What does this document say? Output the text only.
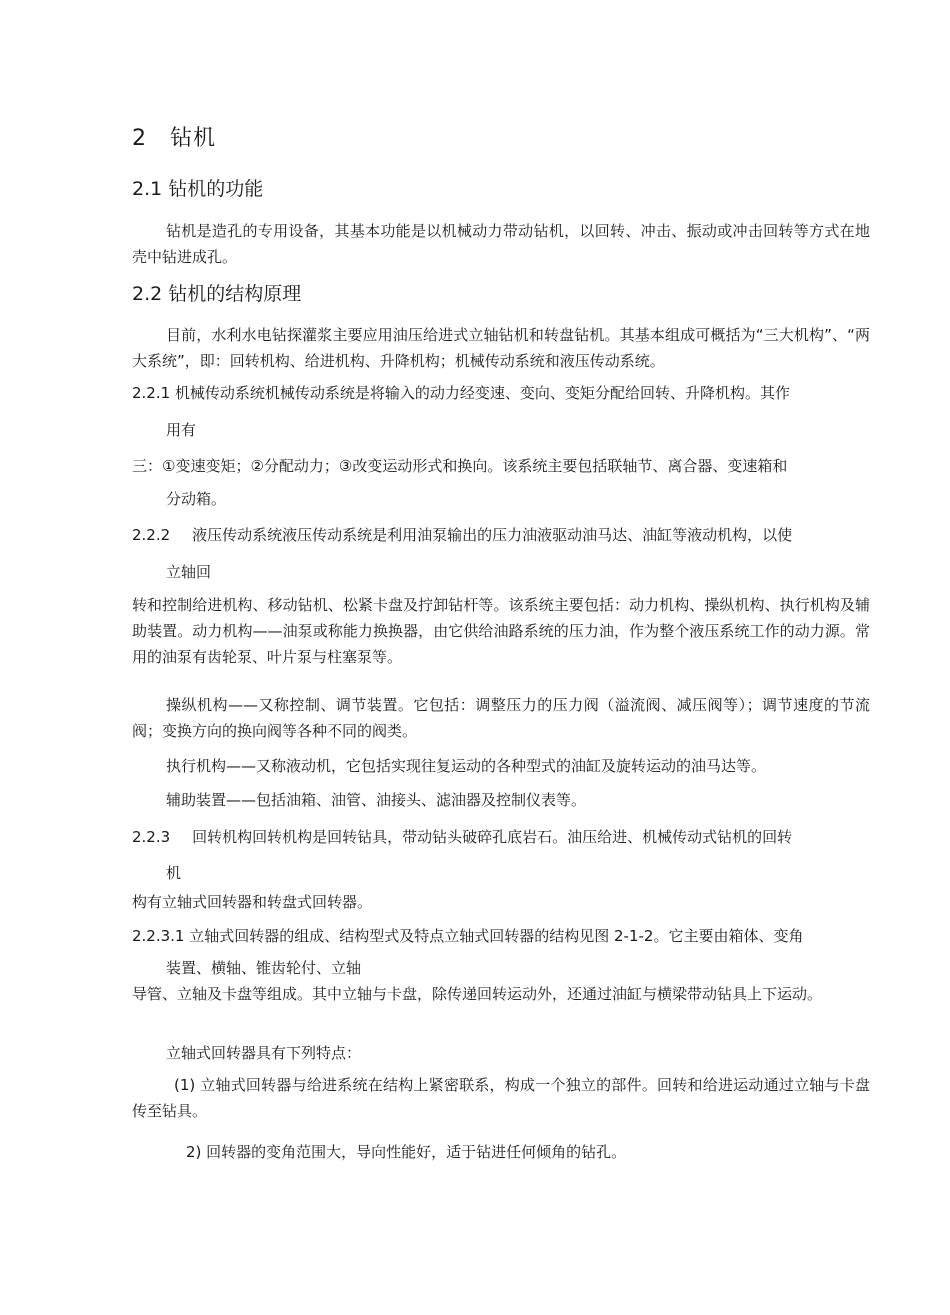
2　钻机
2.1 钻机的功能
钻机是造孔的专用设备，其基本功能是以机械动力带动钻机，以回转、冲击、振动或冲击回转等方式在地壳中钻进成孔。
2.2 钻机的结构原理
目前，水利水电钻探灌浆主要应用油压给进式立轴钻机和转盘钻机。其基本组成可概括为“三大机构”、“两大系统”，即：回转机构、给进机构、升降机构；机械传动系统和液压传动系统。
2.2.1 机械传动系统机械传动系统是将输入的动力经变速、变向、变矩分配给回转、升降机构。其作
用有
三：①变速变矩；②分配动力；③改变运动形式和换向。该系统主要包括联轴节、离合器、变速箱和
分动箱。
2.2.2 液压传动系统液压传动系统是利用油泵输出的压力油液驱动油马达、油缸等液动机构，以使
立轴回
转和控制给进机构、移动钻机、松紧卡盘及拧卸钻杆等。该系统主要包括：动力机构、操纵机构、执行机构及辅助装置。动力机构——油泵或称能力换换器，由它供给油路系统的压力油，作为整个液压系统工作的动力源。常用的油泵有齿轮泵、叶片泵与柱塞泵等。
操纵机构——又称控制、调节装置。它包括：调整压力的压力阀（溢流阀、减压阀等）；调节速度的节流阀；变换方向的换向阀等各种不同的阀类。
执行机构——又称液动机，它包括实现往复运动的各种型式的油缸及旋转运动的油马达等。
辅助装置——包括油箱、油管、油接头、滤油器及控制仪表等。
2.2.3 回转机构回转机构是回转钻具，带动钻头破碎孔底岩石。油压给进、机械传动式钻机的回转
机
构有立轴式回转器和转盘式回转器。
2.2.3.1 立轴式回转器的组成、结构型式及特点立轴式回转器的结构见图 2-1-2。它主要由箱体、变角
装置、横轴、锥齿轮付、立轴
导管、立轴及卡盘等组成。其中立轴与卡盘，除传递回转运动外，还通过油缸与横梁带动钻具上下运动。
立轴式回转器具有下列特点：
(1) 立轴式回转器与给进系统在结构上紧密联系，构成一个独立的部件。回转和给进运动通过立轴与卡盘传至钻具。
2) 回转器的变角范围大，导向性能好，适于钻进任何倾角的钻孔。
